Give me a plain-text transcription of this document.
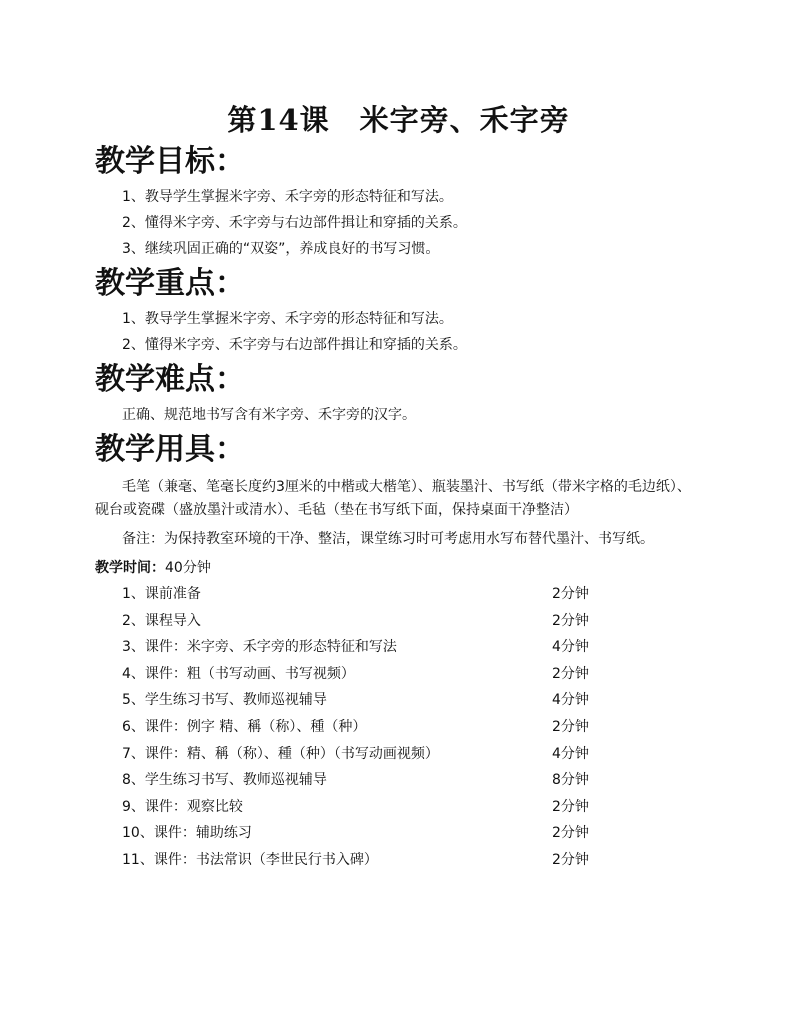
第14课　米字旁、禾字旁
教学目标：

1、教导学生掌握米字旁、禾字旁的形态特征和写法。

2、懂得米字旁、禾字旁与右边部件揖让和穿插的关系。

3、继续巩固正确的“双姿”，养成良好的书写习惯。

教学重点：

1、教导学生掌握米字旁、禾字旁的形态特征和写法。

2、懂得米字旁、禾字旁与右边部件揖让和穿插的关系。

教学难点：

正确、规范地书写含有米字旁、禾字旁的汉字。

教学用具：

毛笔（兼毫、笔毫长度约3厘米的中楷或大楷笔）、瓶装墨汁、书写纸（带米字格的毛边纸）、砚台或瓷碟（盛放墨汁或清水）、毛毡（垫在书写纸下面，保持桌面干净整洁）

备注：为保持教室环境的干净、整洁，课堂练习时可考虑用水写布替代墨汁、书写纸。

教学时间：40分钟

1、课前准备	2分钟
2、课程导入	2分钟
3、课件：米字旁、禾字旁的形态特征和写法	4分钟
4、课件：粗（书写动画、书写视频）	2分钟
5、学生练习书写、教师巡视辅导	4分钟
6、课件：例字 精、稱（称）、種（种）	2分钟
7、课件：精、稱（称）、種（种）（书写动画视频）	4分钟
8、学生练习书写、教师巡视辅导	8分钟
9、课件：观察比较	2分钟
10、课件：辅助练习	2分钟
11、课件：书法常识（李世民行书入碑）	2分钟
